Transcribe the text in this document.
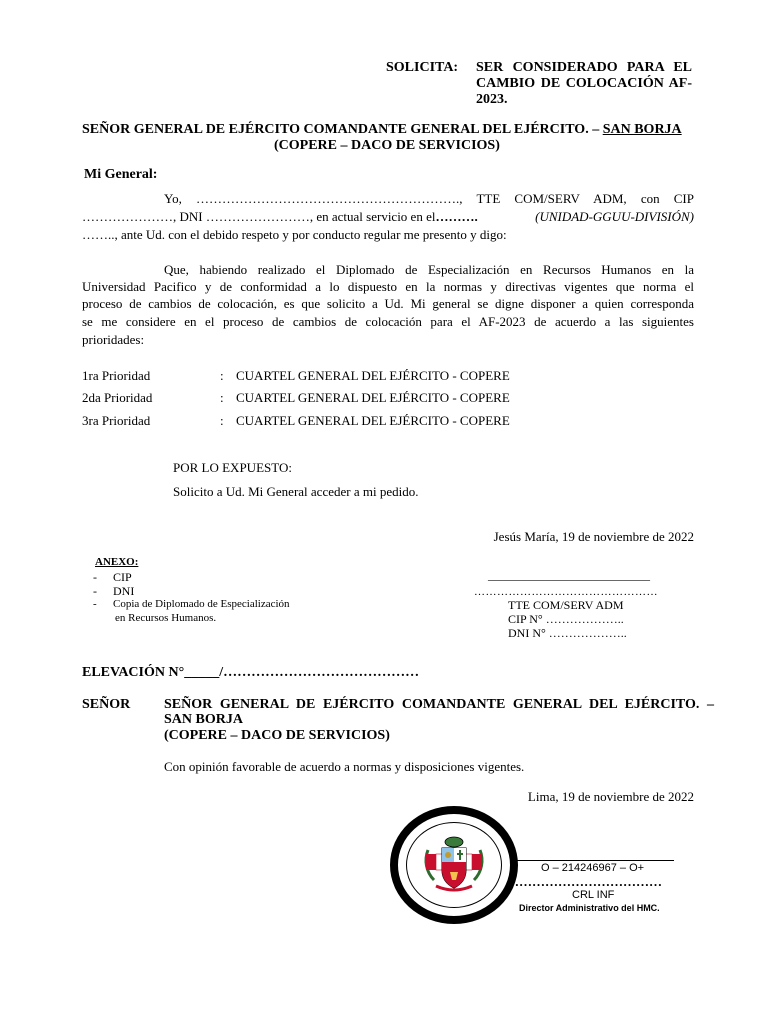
SOLICITA: SER CONSIDERADO PARA EL
CAMBIO DE COLOCACIÓN AF-
2023.
SEÑOR GENERAL DE EJÉRCITO COMANDANTE GENERAL DEL EJÉRCITO. – SAN BORJA
(COPERE – DACO DE SERVICIOS)
Mi General:
Yo, ……………………………………………………., TTE COM/SERV ADM, con CIP
…………………, DNI ……………………, en actual servicio en el……….	(UNIDAD-GGUU-DIVISIÓN)
…….., ante Ud. con el debido respeto y por conducto regular me presento y digo:
Que, habiendo realizado el Diplomado de Especialización en Recursos Humanos en la
Universidad Pacifico y de conformidad a lo dispuesto en la normas y directivas vigentes que norma el
proceso de cambios de colocación, es que solicito a Ud. Mi general se digne disponer a quien corresponda
se me considere en el proceso de cambios de colocación para el AF-2023 de acuerdo a las siguientes
prioridades:
1ra Prioridad	: CUARTEL GENERAL DEL EJÉRCITO - COPERE
2da Prioridad	: CUARTEL GENERAL DEL EJÉRCITO - COPERE
3ra Prioridad	: CUARTEL GENERAL DEL EJÉRCITO - COPERE
POR LO EXPUESTO:
Solicito a Ud. Mi General acceder a mi pedido.
Jesús María, 19 de noviembre de 2022
ANEXO:
- CIP
- DNI
- Copia de Diplomado de Especialización
en Recursos Humanos.
___________________________
…………………………………………
TTE COM/SERV ADM
CIP N° ………………..
DNI N° ………………..
ELEVACIÓN N°_____/……………………………………
SEÑOR SEÑOR GENERAL DE EJÉRCITO COMANDANTE GENERAL DEL EJÉRCITO. –
SAN BORJA
(COPERE – DACO DE SERVICIOS)
Con opinión favorable de acuerdo a normas y disposiciones vigentes.
Lima, 19 de noviembre de 2022
O – 214246967 – O+
………………………………
CRL INF
Director Administrativo del HMC.
